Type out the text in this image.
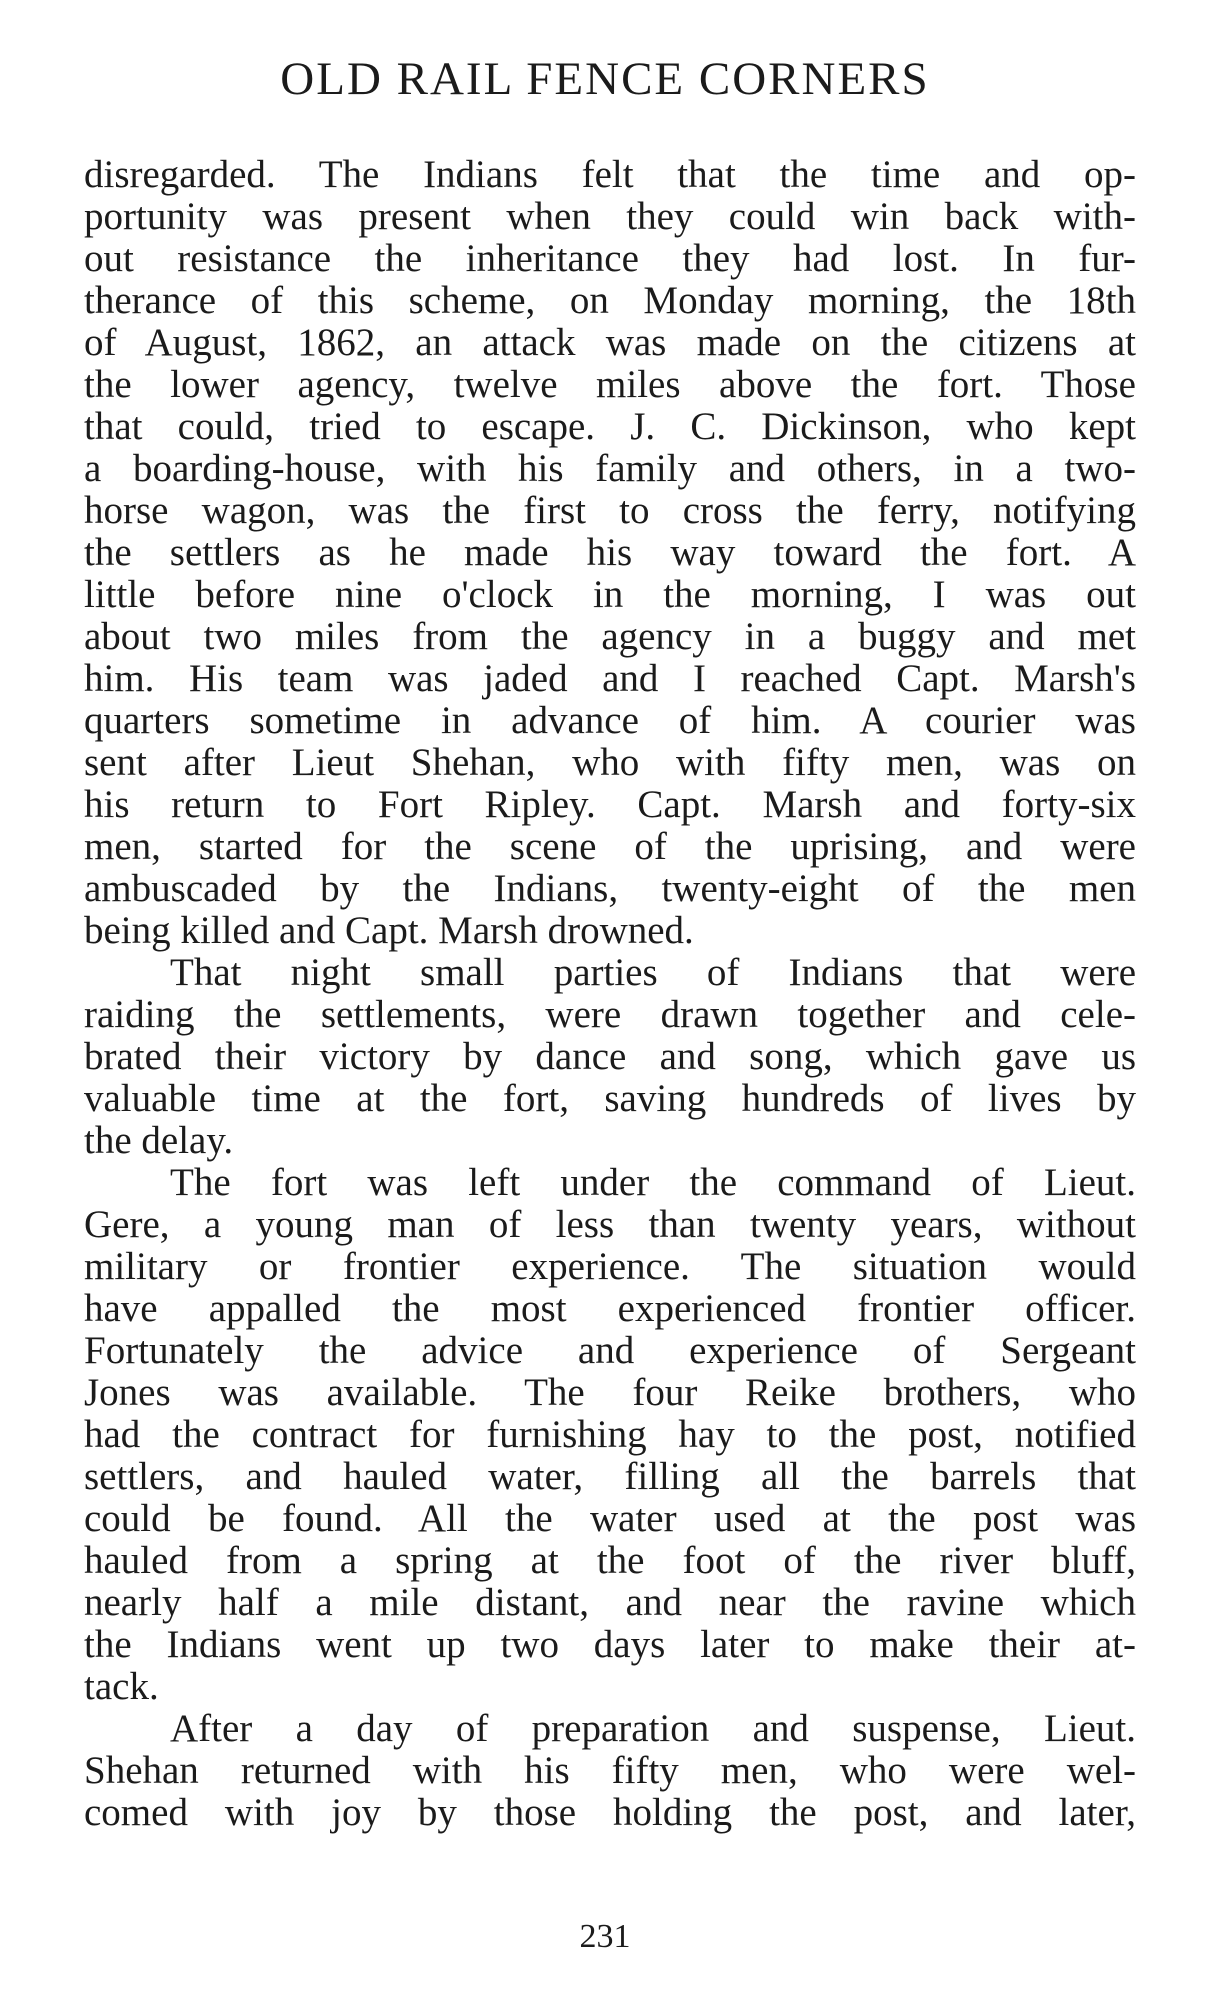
OLD RAIL FENCE CORNERS
disregarded. The Indians felt that the time and op-
portunity was present when they could win back with-
out resistance the inheritance they had lost. In fur-
therance of this scheme, on Monday morning, the 18th
of August, 1862, an attack was made on the citizens at
the lower agency, twelve miles above the fort. Those
that could, tried to escape. J. C. Dickinson, who kept
a boarding-house, with his family and others, in a two-
horse wagon, was the first to cross the ferry, notifying
the settlers as he made his way toward the fort. A
little before nine o'clock in the morning, I was out
about two miles from the agency in a buggy and met
him. His team was jaded and I reached Capt. Marsh's
quarters sometime in advance of him. A courier was
sent after Lieut Shehan, who with fifty men, was on
his return to Fort Ripley. Capt. Marsh and forty-six
men, started for the scene of the uprising, and were
ambuscaded by the Indians, twenty-eight of the men
being killed and Capt. Marsh drowned.
That night small parties of Indians that were
raiding the settlements, were drawn together and cele-
brated their victory by dance and song, which gave us
valuable time at the fort, saving hundreds of lives by
the delay.
The fort was left under the command of Lieut.
Gere, a young man of less than twenty years, without
military or frontier experience. The situation would
have appalled the most experienced frontier officer.
Fortunately the advice and experience of Sergeant
Jones was available. The four Reike brothers, who
had the contract for furnishing hay to the post, notified
settlers, and hauled water, filling all the barrels that
could be found. All the water used at the post was
hauled from a spring at the foot of the river bluff,
nearly half a mile distant, and near the ravine which
the Indians went up two days later to make their at-
tack.
After a day of preparation and suspense, Lieut.
Shehan returned with his fifty men, who were wel-
comed with joy by those holding the post, and later,
231
